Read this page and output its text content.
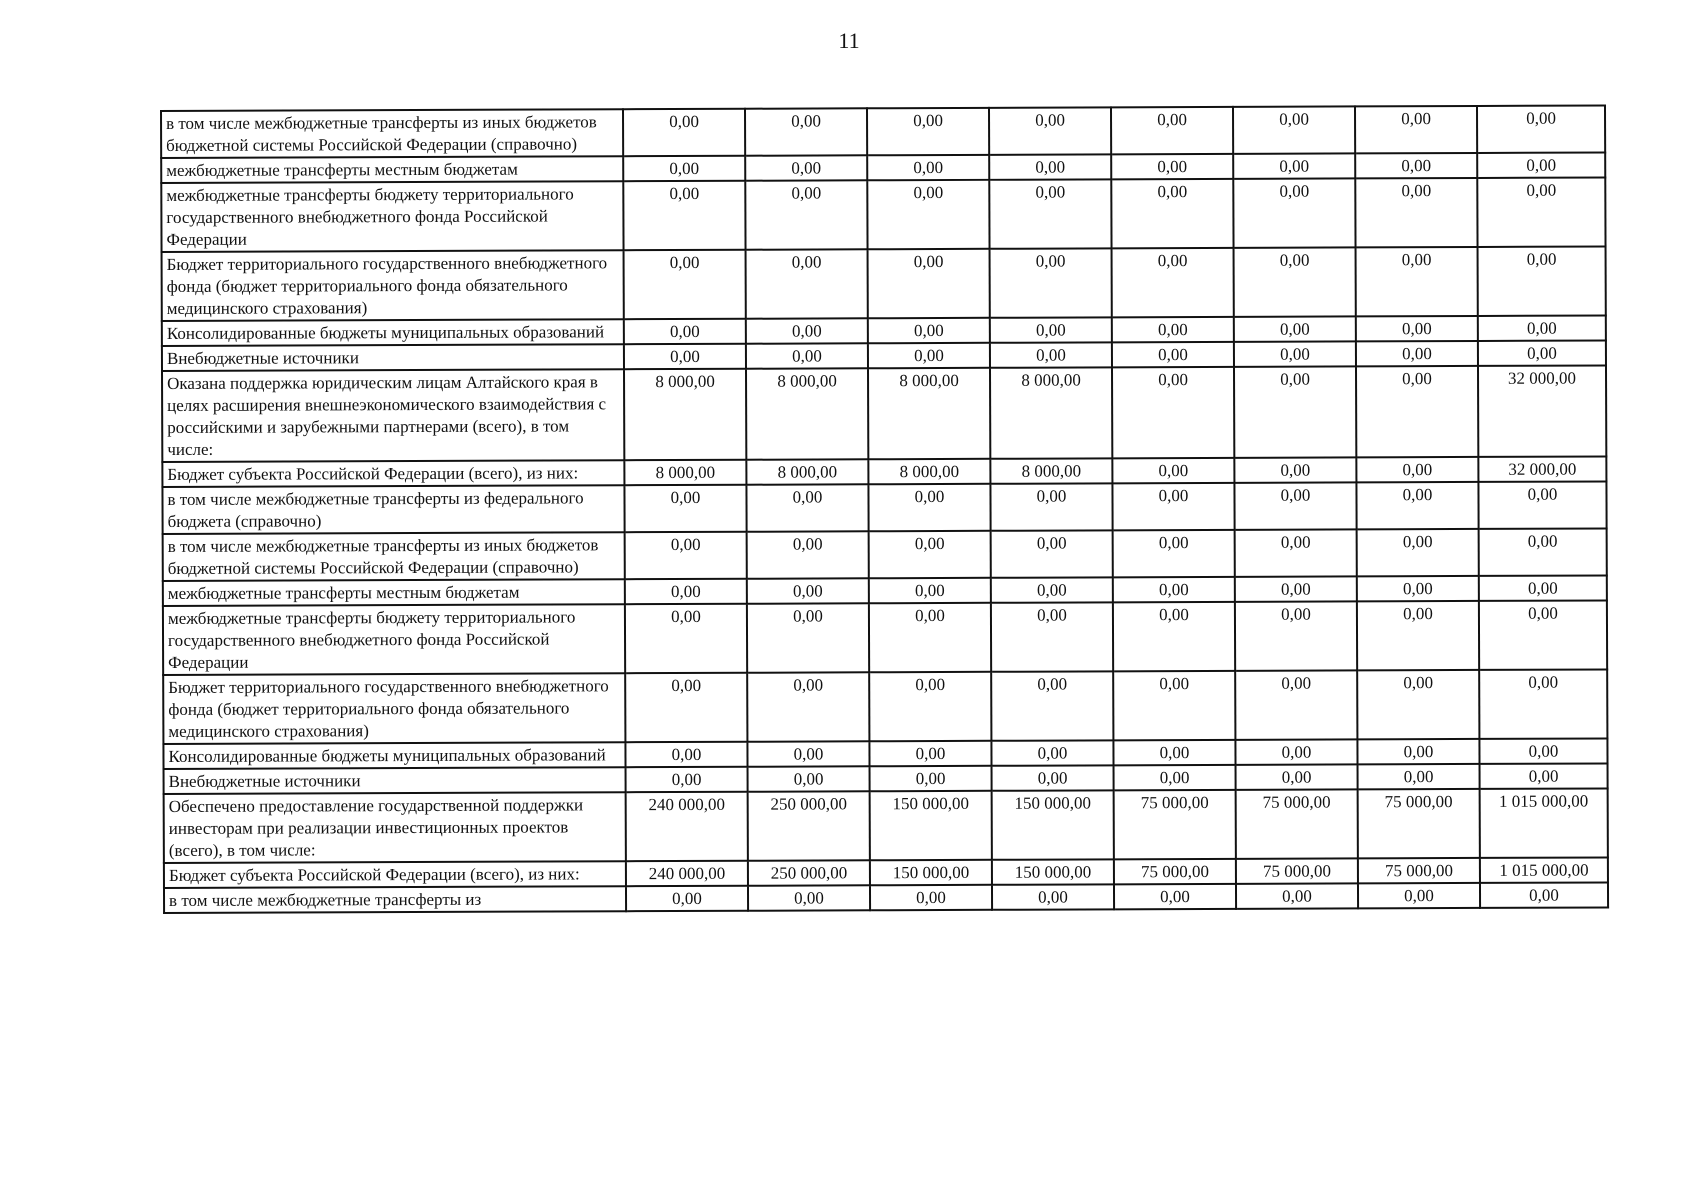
11
в том числе межбюджетные трансферты из иных бюджетов бюджетной системы Российской Федерации (справочно)	0,00	0,00	0,00	0,00	0,00	0,00	0,00	0,00
межбюджетные трансферты местным бюджетам	0,00	0,00	0,00	0,00	0,00	0,00	0,00	0,00
межбюджетные трансферты бюджету территориального государственного внебюджетного фонда Российской Федерации	0,00	0,00	0,00	0,00	0,00	0,00	0,00	0,00
Бюджет территориального государственного внебюджетного фонда (бюджет территориального фонда обязательного медицинского страхования)	0,00	0,00	0,00	0,00	0,00	0,00	0,00	0,00
Консолидированные бюджеты муниципальных образований	0,00	0,00	0,00	0,00	0,00	0,00	0,00	0,00
Внебюджетные источники	0,00	0,00	0,00	0,00	0,00	0,00	0,00	0,00
Оказана поддержка юридическим лицам Алтайского края в целях расширения внешнеэкономического взаимодействия с российскими и зарубежными партнерами (всего), в том числе:	8 000,00	8 000,00	8 000,00	8 000,00	0,00	0,00	0,00	32 000,00
Бюджет субъекта Российской Федерации (всего), из них:	8 000,00	8 000,00	8 000,00	8 000,00	0,00	0,00	0,00	32 000,00
в том числе межбюджетные трансферты из федерального бюджета (справочно)	0,00	0,00	0,00	0,00	0,00	0,00	0,00	0,00
в том числе межбюджетные трансферты из иных бюджетов бюджетной системы Российской Федерации (справочно)	0,00	0,00	0,00	0,00	0,00	0,00	0,00	0,00
межбюджетные трансферты местным бюджетам	0,00	0,00	0,00	0,00	0,00	0,00	0,00	0,00
межбюджетные трансферты бюджету территориального государственного внебюджетного фонда Российской Федерации	0,00	0,00	0,00	0,00	0,00	0,00	0,00	0,00
Бюджет территориального государственного внебюджетного фонда (бюджет территориального фонда обязательного медицинского страхования)	0,00	0,00	0,00	0,00	0,00	0,00	0,00	0,00
Консолидированные бюджеты муниципальных образований	0,00	0,00	0,00	0,00	0,00	0,00	0,00	0,00
Внебюджетные источники	0,00	0,00	0,00	0,00	0,00	0,00	0,00	0,00
Обеспечено предоставление государственной поддержки инвесторам при реализации инвестиционных проектов (всего), в том числе:	240 000,00	250 000,00	150 000,00	150 000,00	75 000,00	75 000,00	75 000,00	1 015 000,00
Бюджет субъекта Российской Федерации (всего), из них:	240 000,00	250 000,00	150 000,00	150 000,00	75 000,00	75 000,00	75 000,00	1 015 000,00
в том числе межбюджетные трансферты из	0,00	0,00	0,00	0,00	0,00	0,00	0,00	0,00
